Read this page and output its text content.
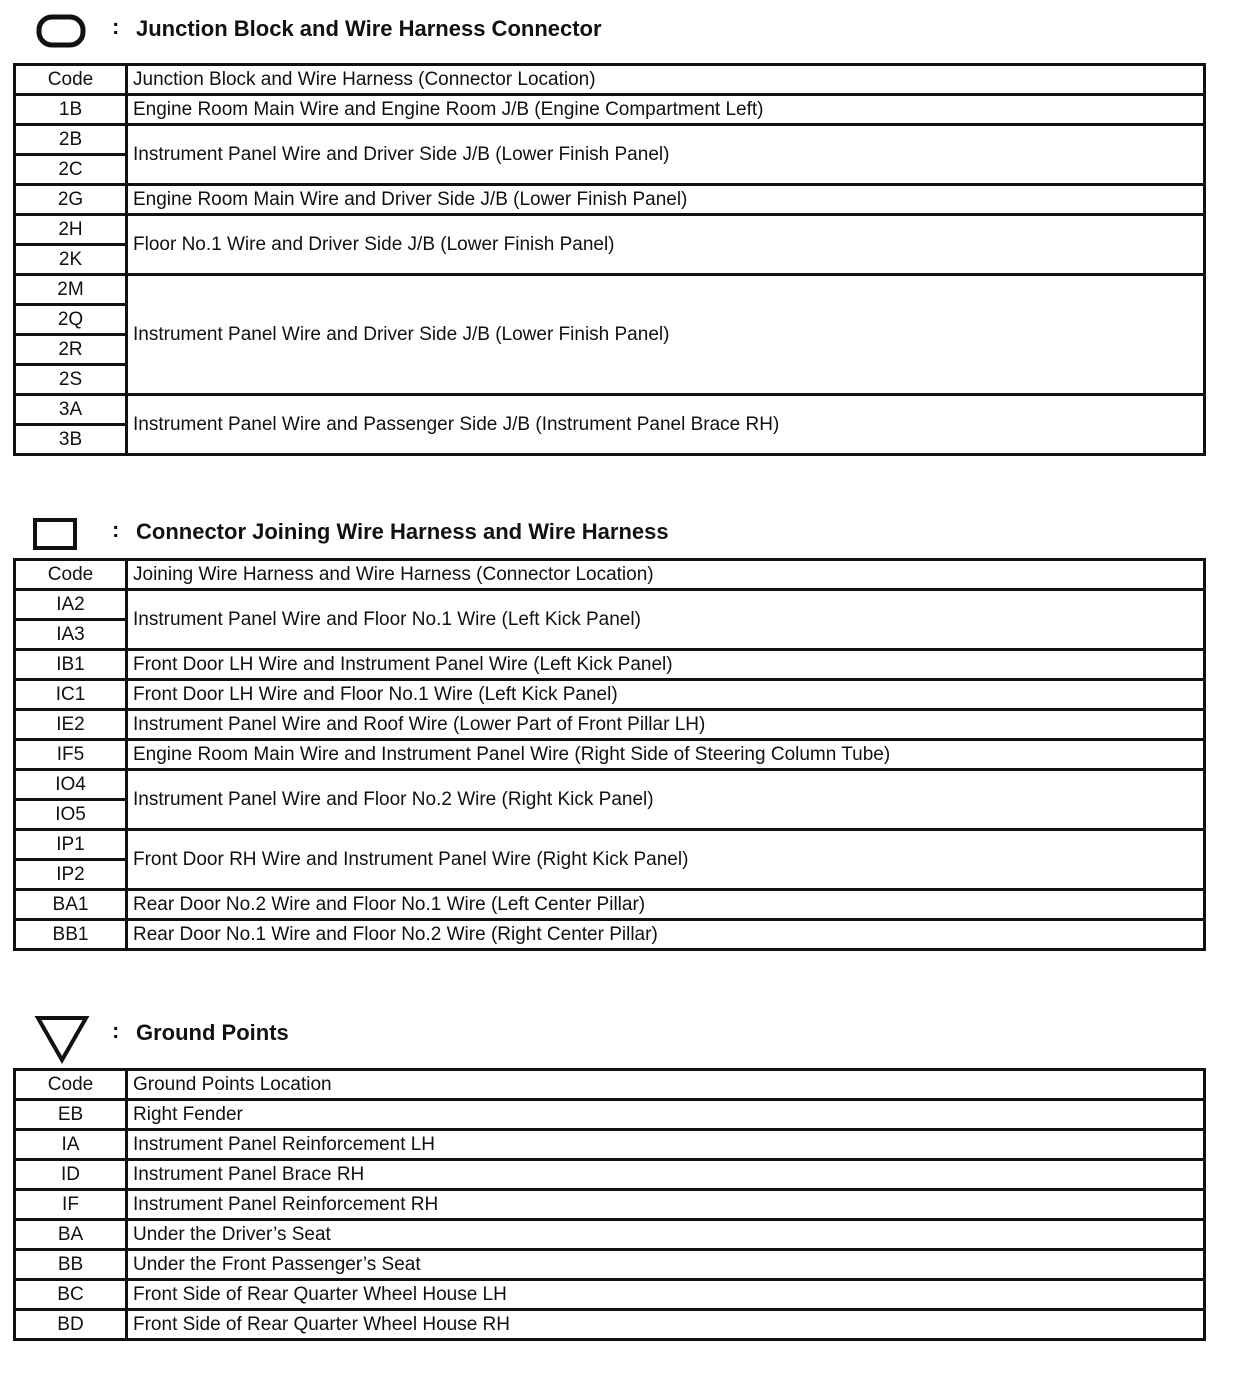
: Junction Block and Wire Harness Connector
Code	Junction Block and Wire Harness (Connector Location)
1B	Engine Room Main Wire and Engine Room J/B (Engine Compartment Left)
2B	Instrument Panel Wire and Driver Side J/B (Lower Finish Panel)
2C	
2G	Engine Room Main Wire and Driver Side J/B (Lower Finish Panel)
2H	Floor No.1 Wire and Driver Side J/B (Lower Finish Panel)
2K	
2M	Instrument Panel Wire and Driver Side J/B (Lower Finish Panel)
2Q	
2R	
2S	
3A	Instrument Panel Wire and Passenger Side J/B (Instrument Panel Brace RH)
3B	
: Connector Joining Wire Harness and Wire Harness
Code	Joining Wire Harness and Wire Harness (Connector Location)
IA2	Instrument Panel Wire and Floor No.1 Wire (Left Kick Panel)
IA3	
IB1	Front Door LH Wire and Instrument Panel Wire (Left Kick Panel)
IC1	Front Door LH Wire and Floor No.1 Wire (Left Kick Panel)
IE2	Instrument Panel Wire and Roof Wire (Lower Part of Front Pillar LH)
IF5	Engine Room Main Wire and Instrument Panel Wire (Right Side of Steering Column Tube)
IO4	Instrument Panel Wire and Floor No.2 Wire (Right Kick Panel)
IO5	
IP1	Front Door RH Wire and Instrument Panel Wire (Right Kick Panel)
IP2	
BA1	Rear Door No.2 Wire and Floor No.1 Wire (Left Center Pillar)
BB1	Rear Door No.1 Wire and Floor No.2 Wire (Right Center Pillar)
: Ground Points
Code	Ground Points Location
EB	Right Fender
IA	Instrument Panel Reinforcement LH
ID	Instrument Panel Brace RH
IF	Instrument Panel Reinforcement RH
BA	Under the Driver’s Seat
BB	Under the Front Passenger’s Seat
BC	Front Side of Rear Quarter Wheel House LH
BD	Front Side of Rear Quarter Wheel House RH
